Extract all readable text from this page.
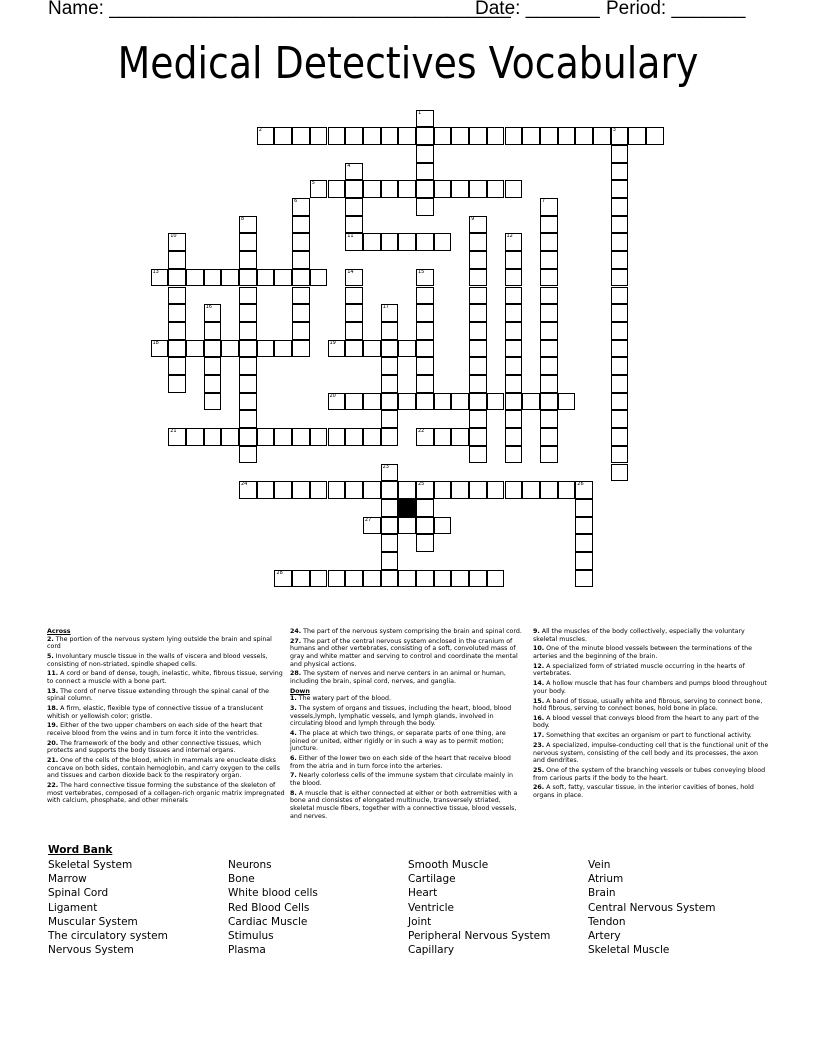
Name: ______________________________________
Date: _______ Period: _______
Medical Detectives Vocabulary
1
2	3
4
11
5
6	7
8	9
10	12
13	14	15
16	17
18	19
20
21	22
23
24	25	26
27
28
Across
2. The portion of the nervous system lying outside the brain and spinal cord
5. Involuntary muscle tissue in the walls of viscera and blood vessels, consisting of non-striated, spindle shaped cells.
11. A cord or band of dense, tough, inelastic, white, fibrous tissue, serving to connect a muscle with a bone part.
13. The cord of nerve tissue extending through the spinal canal of the spinal column.
18. A firm, elastic, flexible type of connective tissue of a translucent whitish or yellowish color; gristle.
19. Either of the two upper chambers on each side of the heart that receive blood from the veins and in turn force it into the ventricles.
20. The framework of the body and other connective tissues, which protects and supports the body tissues and internal organs.
21. One of the cells of the blood, which in mammals are enucleate disks concave on both sides, contain hemoglobin, and carry oxygen to the cells and tissues and carbon dioxide back to the respiratory organ.
22. The hard connective tissue forming the substance of the skeleton of most vertebrates, composed of a collagen-rich organic matrix impregnated with calcium, phosphate, and other minerals
24. The part of the nervous system comprising the brain and spinal cord.
27. The part of the central nervous system enclosed in the cranium of humans and other vertebrates, consisting of a soft, convoluted mass of gray and white matter and serving to control and coordinate the mental and physical actions.
28. The system of nerves and nerve centers in an animal or human, including the brain, spinal cord, nerves, and ganglia.
Down
1. The watery part of the blood.
3. The system of organs and tissues, including the heart, blood, blood vessels,lymph, lymphatic vessels, and lymph glands, involved in circulating blood and lymph through the body.
4. The place at which two things, or separate parts of one thing, are joined or united, either rigidly or in such a way as to permit motion; juncture.
6. Either of the lower two on each side of the heart that receive blood from the atria and in turn force into the arteries.
7. Nearly colorless cells of the immune system that circulate mainly in the blood.
8. A muscle that is either connected at either or both extremities with a bone and cionsistes of elongated multinucle, transversely striated, skeletal muscle fibers, together with a connective tissue, blood vessels, and nerves.
9. All the muscles of the body collectively, especially the voluntary skeletal muscles.
10. One of the minute blood vessels between the terminations of the arteries and the beginning of the brain.
12. A specialized form of striated muscle occurring in the hearts of vertebrates.
14. A hollow muscle that has four chambers and pumps blood throughout your body.
15. A band of tissue, usually white and fibrous, serving to connect bone, hold fibrous, serving to connect bones, hold bone in place.
16. A blood vessel that conveys blood from the heart to any part of the body.
17. Something that excites an organism or part to functional activity.
23. A specialized, impulse-conducting cell that is the functional unit of the nervous system, consisting of the cell body and its processes, the axon and dendrites.
25. One of the system of the branching vessels or tubes conveying blood from carious parts if the body to the heart.
26. A soft, fatty, vascular tissue, in the interior cavities of bones, hold organs in place.
Word Bank
Skeletal System
Marrow
Spinal Cord
Ligament
Muscular System
The circulatory system
Nervous System
Neurons
Bone
White blood cells
Red Blood Cells
Cardiac Muscle
Stimulus
Plasma
Smooth Muscle
Cartilage
Heart
Ventricle
Joint
Peripheral Nervous System
Capillary
Vein
Atrium
Brain
Central Nervous System
Tendon
Artery
Skeletal Muscle
